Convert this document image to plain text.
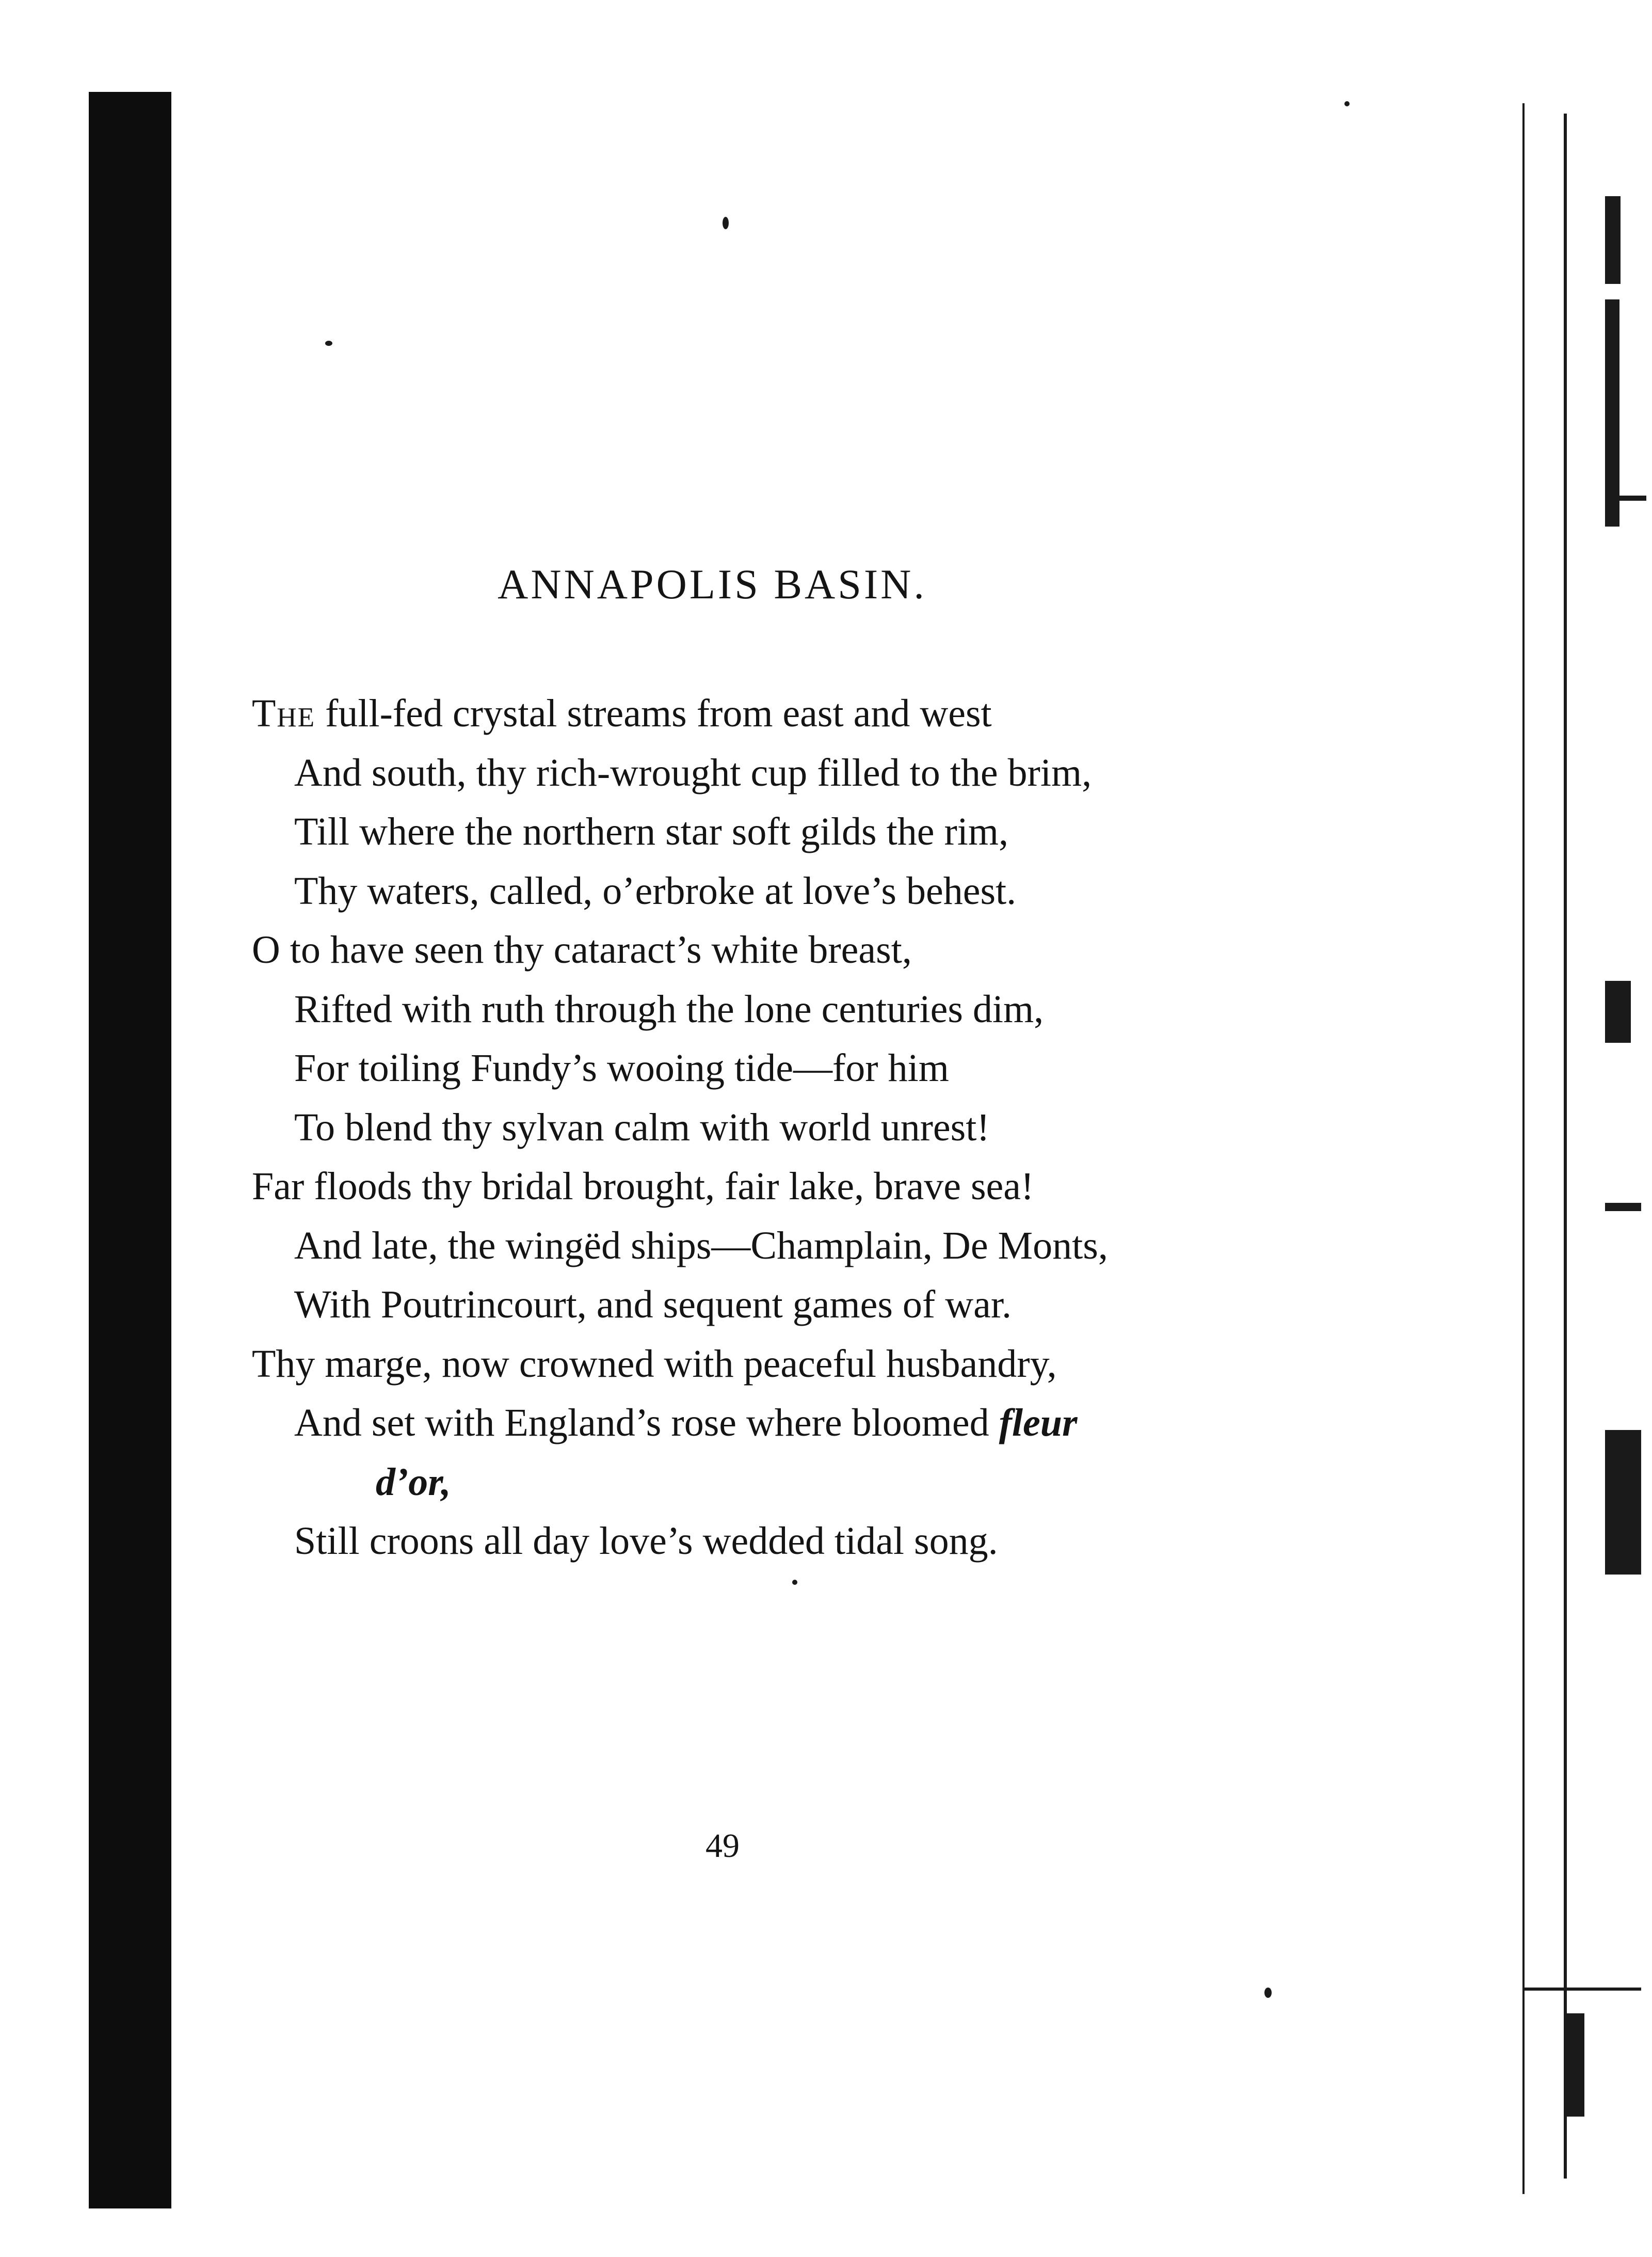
ANNAPOLIS BASIN.
The full-fed crystal streams from east and west
And south, thy rich-wrought cup filled to the brim,
Till where the northern star soft gilds the rim,
Thy waters, called, o’erbroke at love’s behest.
O to have seen thy cataract’s white breast,
Rifted with ruth through the lone centuries dim,
For toiling Fundy’s wooing tide—for him
To blend thy sylvan calm with world unrest!
Far floods thy bridal brought, fair lake, brave sea!
And late, the wingëd ships—Champlain, De Monts,
With Poutrincourt, and sequent games of war.
Thy marge, now crowned with peaceful husbandry,
And set with England’s rose where bloomed fleur
d’or,
Still croons all day love’s wedded tidal song.
49
